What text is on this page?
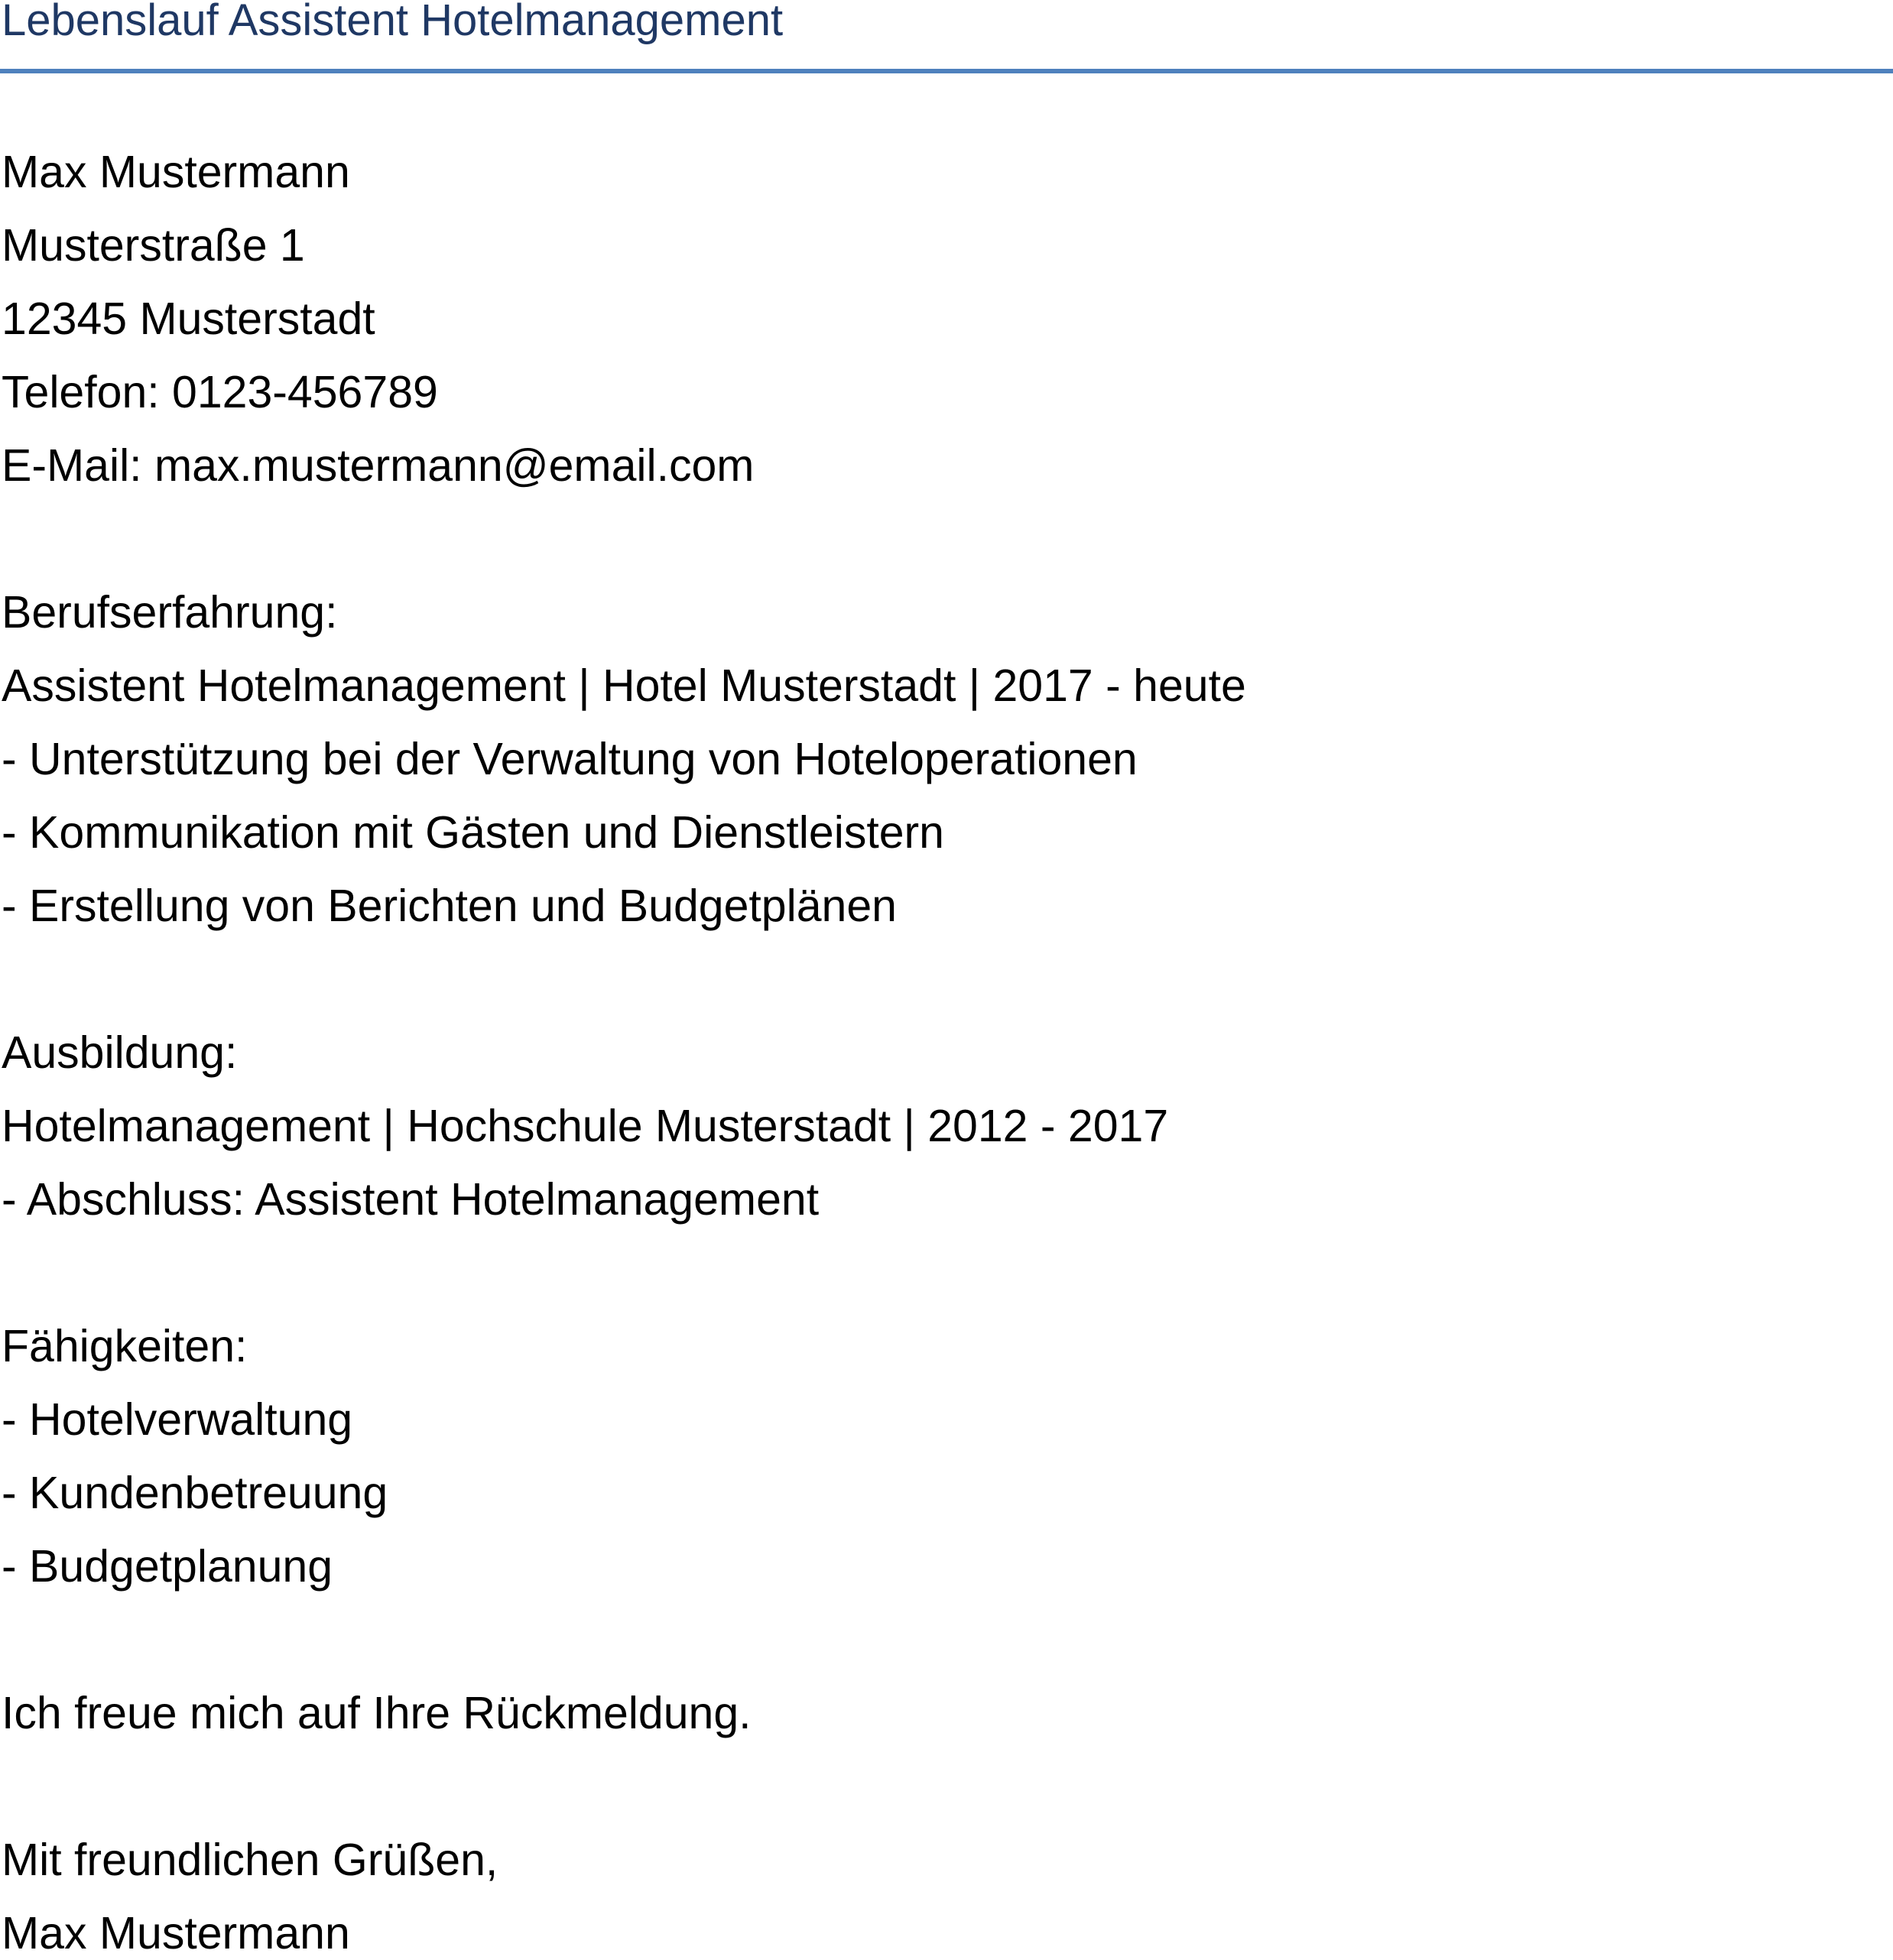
Lebenslauf Assistent Hotelmanagement

Max Mustermann

Musterstraße 1

12345 Musterstadt

Telefon: 0123-456789

E-Mail: max.mustermann@email.com

Berufserfahrung:

Assistent Hotelmanagement | Hotel Musterstadt | 2017 - heute

- Unterstützung bei der Verwaltung von Hoteloperationen

- Kommunikation mit Gästen und Dienstleistern

- Erstellung von Berichten und Budgetplänen

Ausbildung:

Hotelmanagement | Hochschule Musterstadt | 2012 - 2017

- Abschluss: Assistent Hotelmanagement

Fähigkeiten:

- Hotelverwaltung

- Kundenbetreuung

- Budgetplanung

Ich freue mich auf Ihre Rückmeldung.

Mit freundlichen Grüßen,

Max Mustermann
